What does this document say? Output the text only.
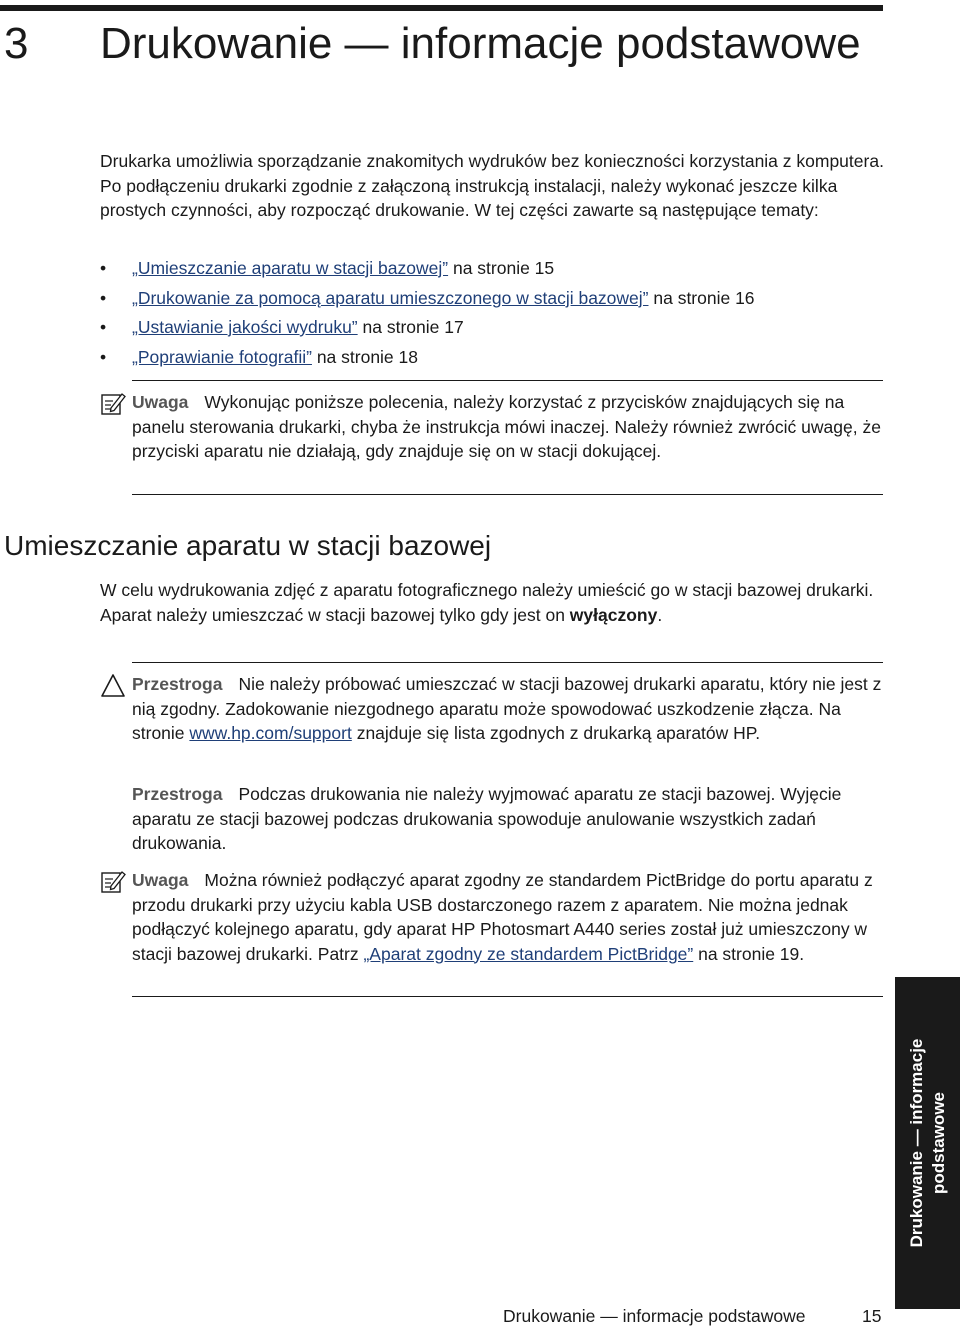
3 Drukowanie — informacje podstawowe

Drukarka umożliwia sporządzanie znakomitych wydruków bez konieczności korzystania z komputera. Po podłączeniu drukarki zgodnie z załączoną instrukcją instalacji, należy wykonać jeszcze kilka prostych czynności, aby rozpocząć drukowanie. W tej części zawarte są następujące tematy:

• „Umieszczanie aparatu w stacji bazowej” na stronie 15
• „Drukowanie za pomocą aparatu umieszczonego w stacji bazowej” na stronie 16
• „Ustawianie jakości wydruku” na stronie 17
• „Poprawianie fotografii” na stronie 18

Uwaga Wykonując poniższe polecenia, należy korzystać z przycisków znajdujących się na panelu sterowania drukarki, chyba że instrukcja mówi inaczej. Należy również zwrócić uwagę, że przyciski aparatu nie działają, gdy znajduje się on w stacji dokującej.

Umieszczanie aparatu w stacji bazowej

W celu wydrukowania zdjęć z aparatu fotograficznego należy umieścić go w stacji bazowej drukarki. Aparat należy umieszczać w stacji bazowej tylko gdy jest on wyłączony.

Przestroga Nie należy próbować umieszczać w stacji bazowej drukarki aparatu, który nie jest z nią zgodny. Zadokowanie niezgodnego aparatu może spowodować uszkodzenie złącza. Na stronie www.hp.com/support znajduje się lista zgodnych z drukarką aparatów HP.

Przestroga Podczas drukowania nie należy wyjmować aparatu ze stacji bazowej. Wyjęcie aparatu ze stacji bazowej podczas drukowania spowoduje anulowanie wszystkich zadań drukowania.

Uwaga Można również podłączyć aparat zgodny ze standardem PictBridge do portu aparatu z przodu drukarki przy użyciu kabla USB dostarczonego razem z aparatem. Nie można jednak podłączyć kolejnego aparatu, gdy aparat HP Photosmart A440 series został już umieszczony w stacji bazowej drukarki. Patrz „Aparat zgodny ze standardem PictBridge” na stronie 19.

Drukowanie — informacje podstawowe
Drukowanie — informacje podstawowe	15
